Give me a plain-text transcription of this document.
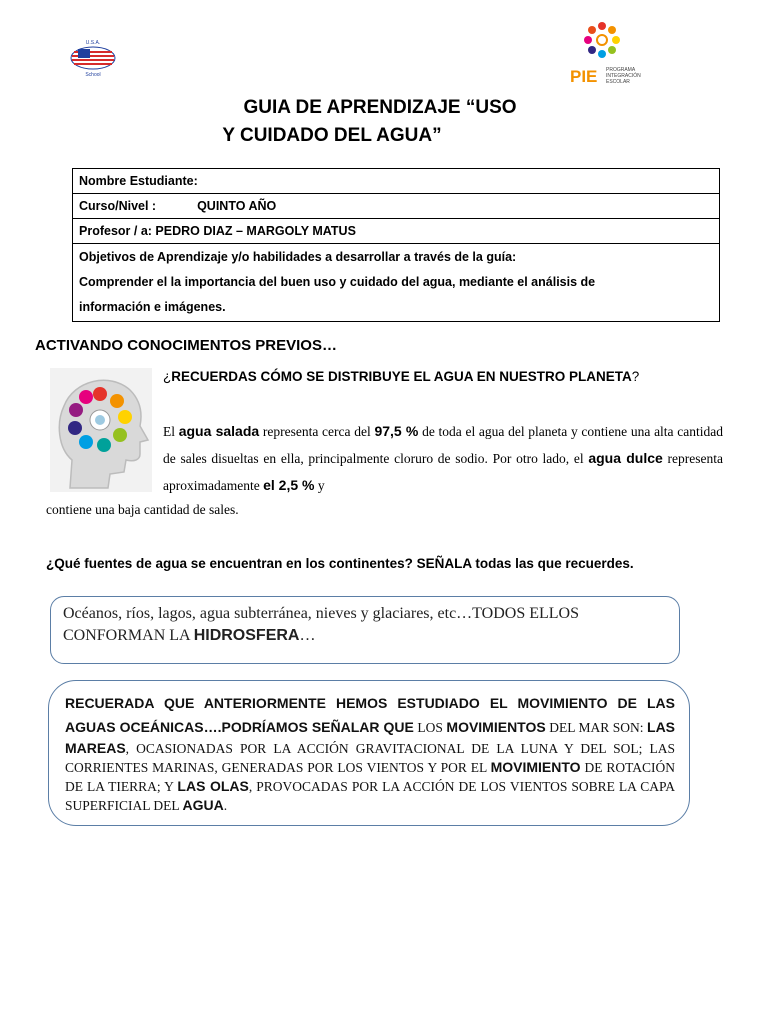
U.S.A.
School	PIE PROGRAMA
INTEGRACIÓN
ESCOLAR
GUIA DE APRENDIZAJE “USO
Y CUIDADO DEL AGUA”
Nombre Estudiante:
Curso/Nivel :	QUINTO AÑO
Profesor / a: PEDRO DIAZ – MARGOLY MATUS

Objetivos de Aprendizaje y/o habilidades a desarrollar a través de la guía:
Comprender el la importancia del buen uso y cuidado del agua, mediante el análisis de
información e imágenes.
ACTIVANDO CONOCIMENTOS PREVIOS…
¿RECUERDAS CÓMO SE DISTRIBUYE EL AGUA EN NUESTRO PLANETA?
El agua salada representa cerca del 97,5 % de toda el agua del planeta y contiene una alta cantidad de sales disueltas en ella, principalmente cloruro de sodio. Por otro lado, el agua dulce representa aproximadamente el 2,5 % y
contiene una baja cantidad de sales.
¿Qué fuentes de agua se encuentran en los continentes? SEÑALA todas las que recuerdes.
Océanos, ríos, lagos, agua subterránea, nieves y glaciares, etc…TODOS ELLOS CONFORMAN LA HIDROSFERA…
RECUERADA QUE ANTERIORMENTE HEMOS ESTUDIADO EL MOVIMIENTO DE LAS AGUAS OCEÁNICAS….PODRÍAMOS SEÑALAR QUE LOS MOVIMIENTOS DEL MAR SON: LAS MAREAS, OCASIONADAS POR LA ACCIÓN GRAVITACIONAL DE LA LUNA Y DEL SOL; LAS CORRIENTES MARINAS, GENERADAS POR LOS VIENTOS Y POR EL MOVIMIENTO DE ROTACIÓN DE LA TIERRA; Y LAS OLAS, PROVOCADAS POR LA ACCIÓN DE LOS VIENTOS SOBRE LA CAPA SUPERFICIAL DEL AGUA.
